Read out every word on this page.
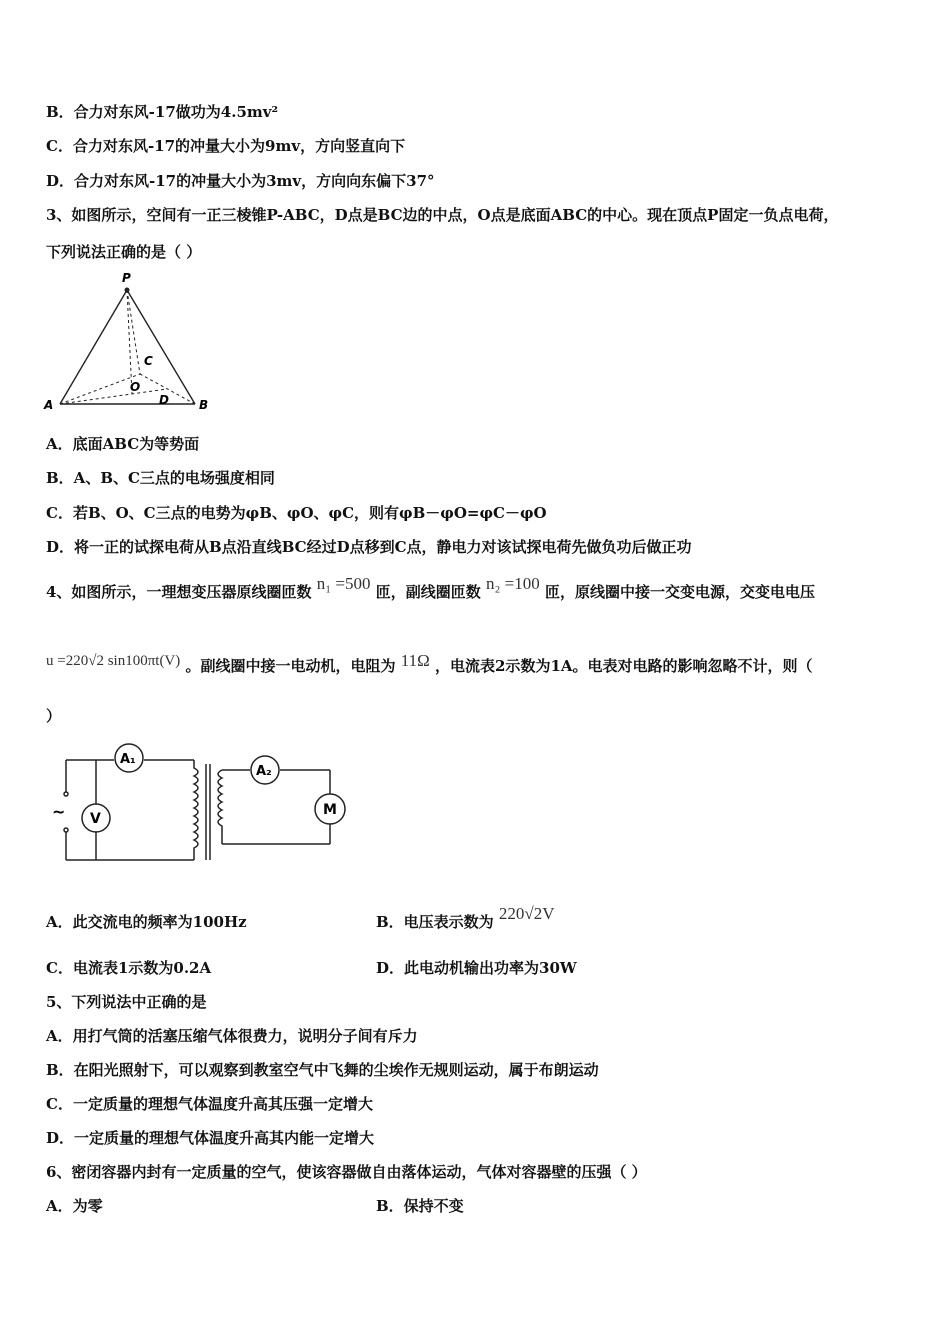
B．合力对东风-17做功为4.5mv²
C．合力对东风-17的冲量大小为9mv，方向竖直向下
D．合力对东风-17的冲量大小为3mv，方向向东偏下37°
3、如图所示，空间有一正三棱锥P-ABC，D点是BC边的中点，O点是底面ABC的中心。现在顶点P固定一负点电荷，
下列说法正确的是（ ）
P
A	B
C
D
O
A．底面ABC为等势面
B．A、B、C三点的电场强度相同
C．若B、O、C三点的电势为φB、φO、φC，则有φB－φO=φC－φO
D．将一正的试探电荷从B点沿直线BC经过D点移到C点，静电力对该试探电荷先做负功后做正功
4、如图所示，一理想变压器原线圈匝数 n₁ =500 匝，副线圈匝数 n₂ =100 匝，原线圈中接一交变电源，交变电电压
u =220√2 sin100πt(V) 。副线圈中接一电动机，电阻为 11Ω ，电流表2示数为1A。电表对电路的影响忽略不计，则（
）
~
A₁
V
A₂
M
A．此交流电的频率为100Hz	B．电压表示数为 220√2V
C．电流表1示数为0.2A	D．此电动机输出功率为30W
5、下列说法中正确的是
A．用打气筒的活塞压缩气体很费力，说明分子间有斥力
B．在阳光照射下，可以观察到教室空气中飞舞的尘埃作无规则运动，属于布朗运动
C．一定质量的理想气体温度升高其压强一定增大
D．一定质量的理想气体温度升高其内能一定增大
6、密闭容器内封有一定质量的空气，使该容器做自由落体运动，气体对容器壁的压强（ ）
A．为零	B．保持不变
